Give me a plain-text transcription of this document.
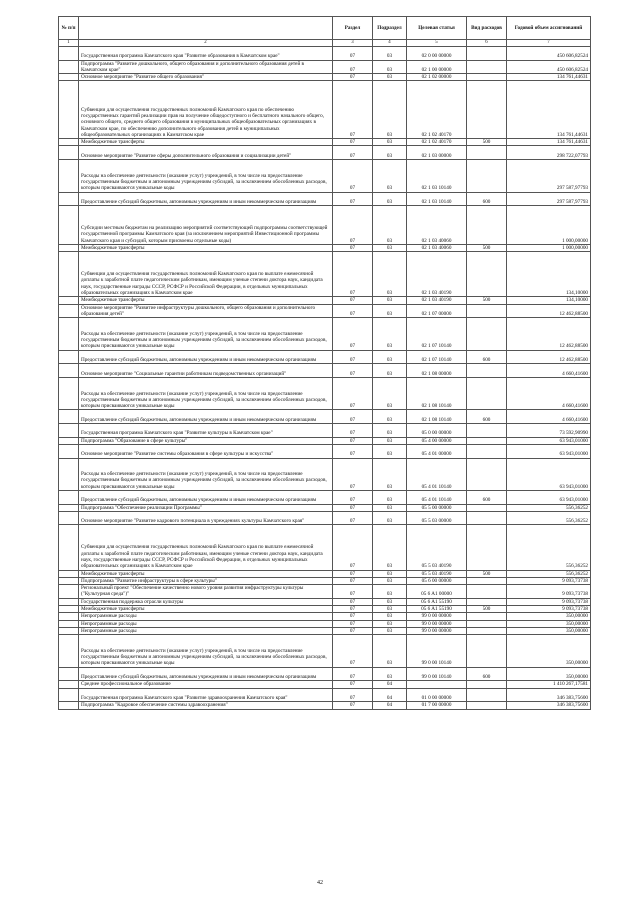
№ п/п		Раздел	Подраздел	Целевая статья	Вид расходов	Годовой объем ассигнований
1	2	3	4	5	6	7
	Государственная программа Камчатского края "Развитие образования в Камчатском крае"	07	03	02 0 00 00000		450 606,82524
	Подпрограмма "Развитие дошкольного, общего образования и дополнительного образования детей в Камчатском крае"	07	03	02 1 00 00000		450 606,82524
	Основное мероприятие "Развитие общего образования"	07	03	02 1 02 00000		134 761,44631
	Субвенции для осуществления государственных полномочий Камчатского края по обеспечению государственных гарантий реализации прав на получение общедоступного и бесплатного начального общего, основного общего, среднего общего образования в муниципальных общеобразовательных организациях в Камчатском крае, по обеспечению дополнительного образования детей в муниципальных общеобразовательных организациях в Камчатском крае	07	03	02 1 02 40170		134 761,44631
	Межбюджетные трансферты	07	03	02 1 02 40170	500	134 761,44631
	Основное мероприятие "Развитие сферы дополнительного образования и социализации детей"	07	03	02 1 03 00000		298 722,07793
	Расходы на обеспечение деятельности (оказание услуг) учреждений, в том числе на предоставление государственным бюджетным и автономным учреждениям субсидий, за исключением обособленных расходов, которым присваиваются уникальные коды	07	03	02 1 03 10140		297 587,97793
	Предоставление субсидий бюджетным, автономным учреждениям и иным некоммерческим организациям	07	03	02 1 03 10140	600	297 587,97793
	Субсидии местным бюджетам на реализацию мероприятий соответствующей подпрограммы соответствующей государственной программы Камчатского края (за исключением мероприятий Инвестиционной программы Камчатского края и субсидий, которым присвоены отдельные коды)	07	03	02 1 03 40060		1 000,00000
	Межбюджетные трансферты	07	03	02 1 03 40060	500	1 000,00000
	Субвенции для осуществления государственных полномочий Камчатского края по выплате ежемесячной доплаты к заработной плате педагогическим работникам, имеющим ученые степени доктора наук, кандидата наук, государственные награды СССР, РСФСР и Российской Федерации, в отдельных муниципальных образовательных организациях в Камчатском крае	07	03	02 1 03 40190		134,10000
	Межбюджетные трансферты	07	03	02 1 03 40190	500	134,10000
	Основное мероприятие "Развитие инфраструктуры дошкольного, общего образования и дополнительного образования детей"	07	03	02 1 07 00000		12 462,88500
	Расходы на обеспечение деятельности (оказание услуг) учреждений, в том числе на предоставление государственным бюджетным и автономным учреждениям субсидий, за исключением обособленных расходов, которым присваиваются уникальные коды	07	03	02 1 07 10140		12 462,88500
	Предоставление субсидий бюджетным, автономным учреждениям и иным некоммерческим организациям	07	03	02 1 07 10140	600	12 462,88500
	Основное мероприятие "Социальные гарантии работникам подведомственных организаций"	07	03	02 1 08 00000		4 660,41600
	Расходы на обеспечение деятельности (оказание услуг) учреждений, в том числе на предоставление государственным бюджетным и автономным учреждениям субсидий, за исключением обособленных расходов, которым присваиваются уникальные коды	07	03	02 1 08 10140		4 660,41600
	Предоставление субсидий бюджетным, автономным учреждениям и иным некоммерческим организациям	07	03	02 1 08 10140	600	4 660,41600
	Государственная программа Камчатского края "Развитие культуры в Камчатском крае"	07	03	05 0 00 00000		73 592,90990
	Подпрограмма "Образование в сфере культуры"	07	03	05 4 00 00000		63 943,01000
	Основное мероприятие "Развитие системы образования в сфере культуры и искусства"	07	03	05 4 01 00000		63 943,01000
	Расходы на обеспечение деятельности (оказание услуг) учреждений, в том числе на предоставление государственным бюджетным и автономным учреждениям субсидий, за исключением обособленных расходов, которым присваиваются уникальные коды	07	03	05 4 01 10140		63 943,01000
	Предоставление субсидий бюджетным, автономным учреждениям и иным некоммерческим организациям	07	03	05 4 01 10140	600	63 943,01000
	Подпрограмма "Обеспечение реализации Программы"	07	03	05 5 00 00000		556,36252
	Основное мероприятие "Развитие кадрового потенциала в учреждениях культуры Камчатского края"	07	03	05 5 03 00000		556,36252
	Субвенции для осуществления государственных полномочий Камчатского края по выплате ежемесячной доплаты к заработной плате педагогическим работникам, имеющим ученые степени доктора наук, кандидата наук, государственные награды СССР, РСФСР и Российской Федерации, в отдельных муниципальных образовательных организациях в Камчатском крае	07	03	05 5 03 40190		556,36252
	Межбюджетные трансферты	07	03	05 5 03 40190	500	556,36252
	Подпрограмма "Развитие инфраструктуры в сфере культуры"	07	03	05 6 00 00000		9 093,73738
	Региональный проект "Обеспечение качественно нового уровня развития инфраструктуры культуры ("Культурная среда")"	07	03	05 6 A1 00000		9 093,73738
	Государственная поддержка отрасли культуры	07	03	05 6 A1 55190		9 093,73738
	Межбюджетные трансферты	07	03	05 6 A1 55190	500	9 093,73738
	Непрограммные расходы	07	03	99 0 00 00000		350,00000
	Непрограммные расходы	07	03	99 0 00 00000		350,00000
	Непрограммные расходы	07	03	99 0 00 00000		350,00000
	Расходы на обеспечение деятельности (оказание услуг) учреждений, в том числе на предоставление государственным бюджетным и автономным учреждениям субсидий, за исключением обособленных расходов, которым присваиваются уникальные коды	07	03	99 0 00 10140		350,00000
	Предоставление субсидий бюджетным, автономным учреждениям и иным некоммерческим организациям	07	03	99 0 00 10140	600	350,00000
	Среднее профессиональное образование	07	04			1 410 267,17581
	Государственная программа Камчатского края "Развитие здравоохранения Камчатского края"	07	04	01 0 00 00000		346 383,75600
	Подпрограмма "Кадровое обеспечение системы здравоохранения"	07	04	01 7 00 00000		346 383,75600
42
